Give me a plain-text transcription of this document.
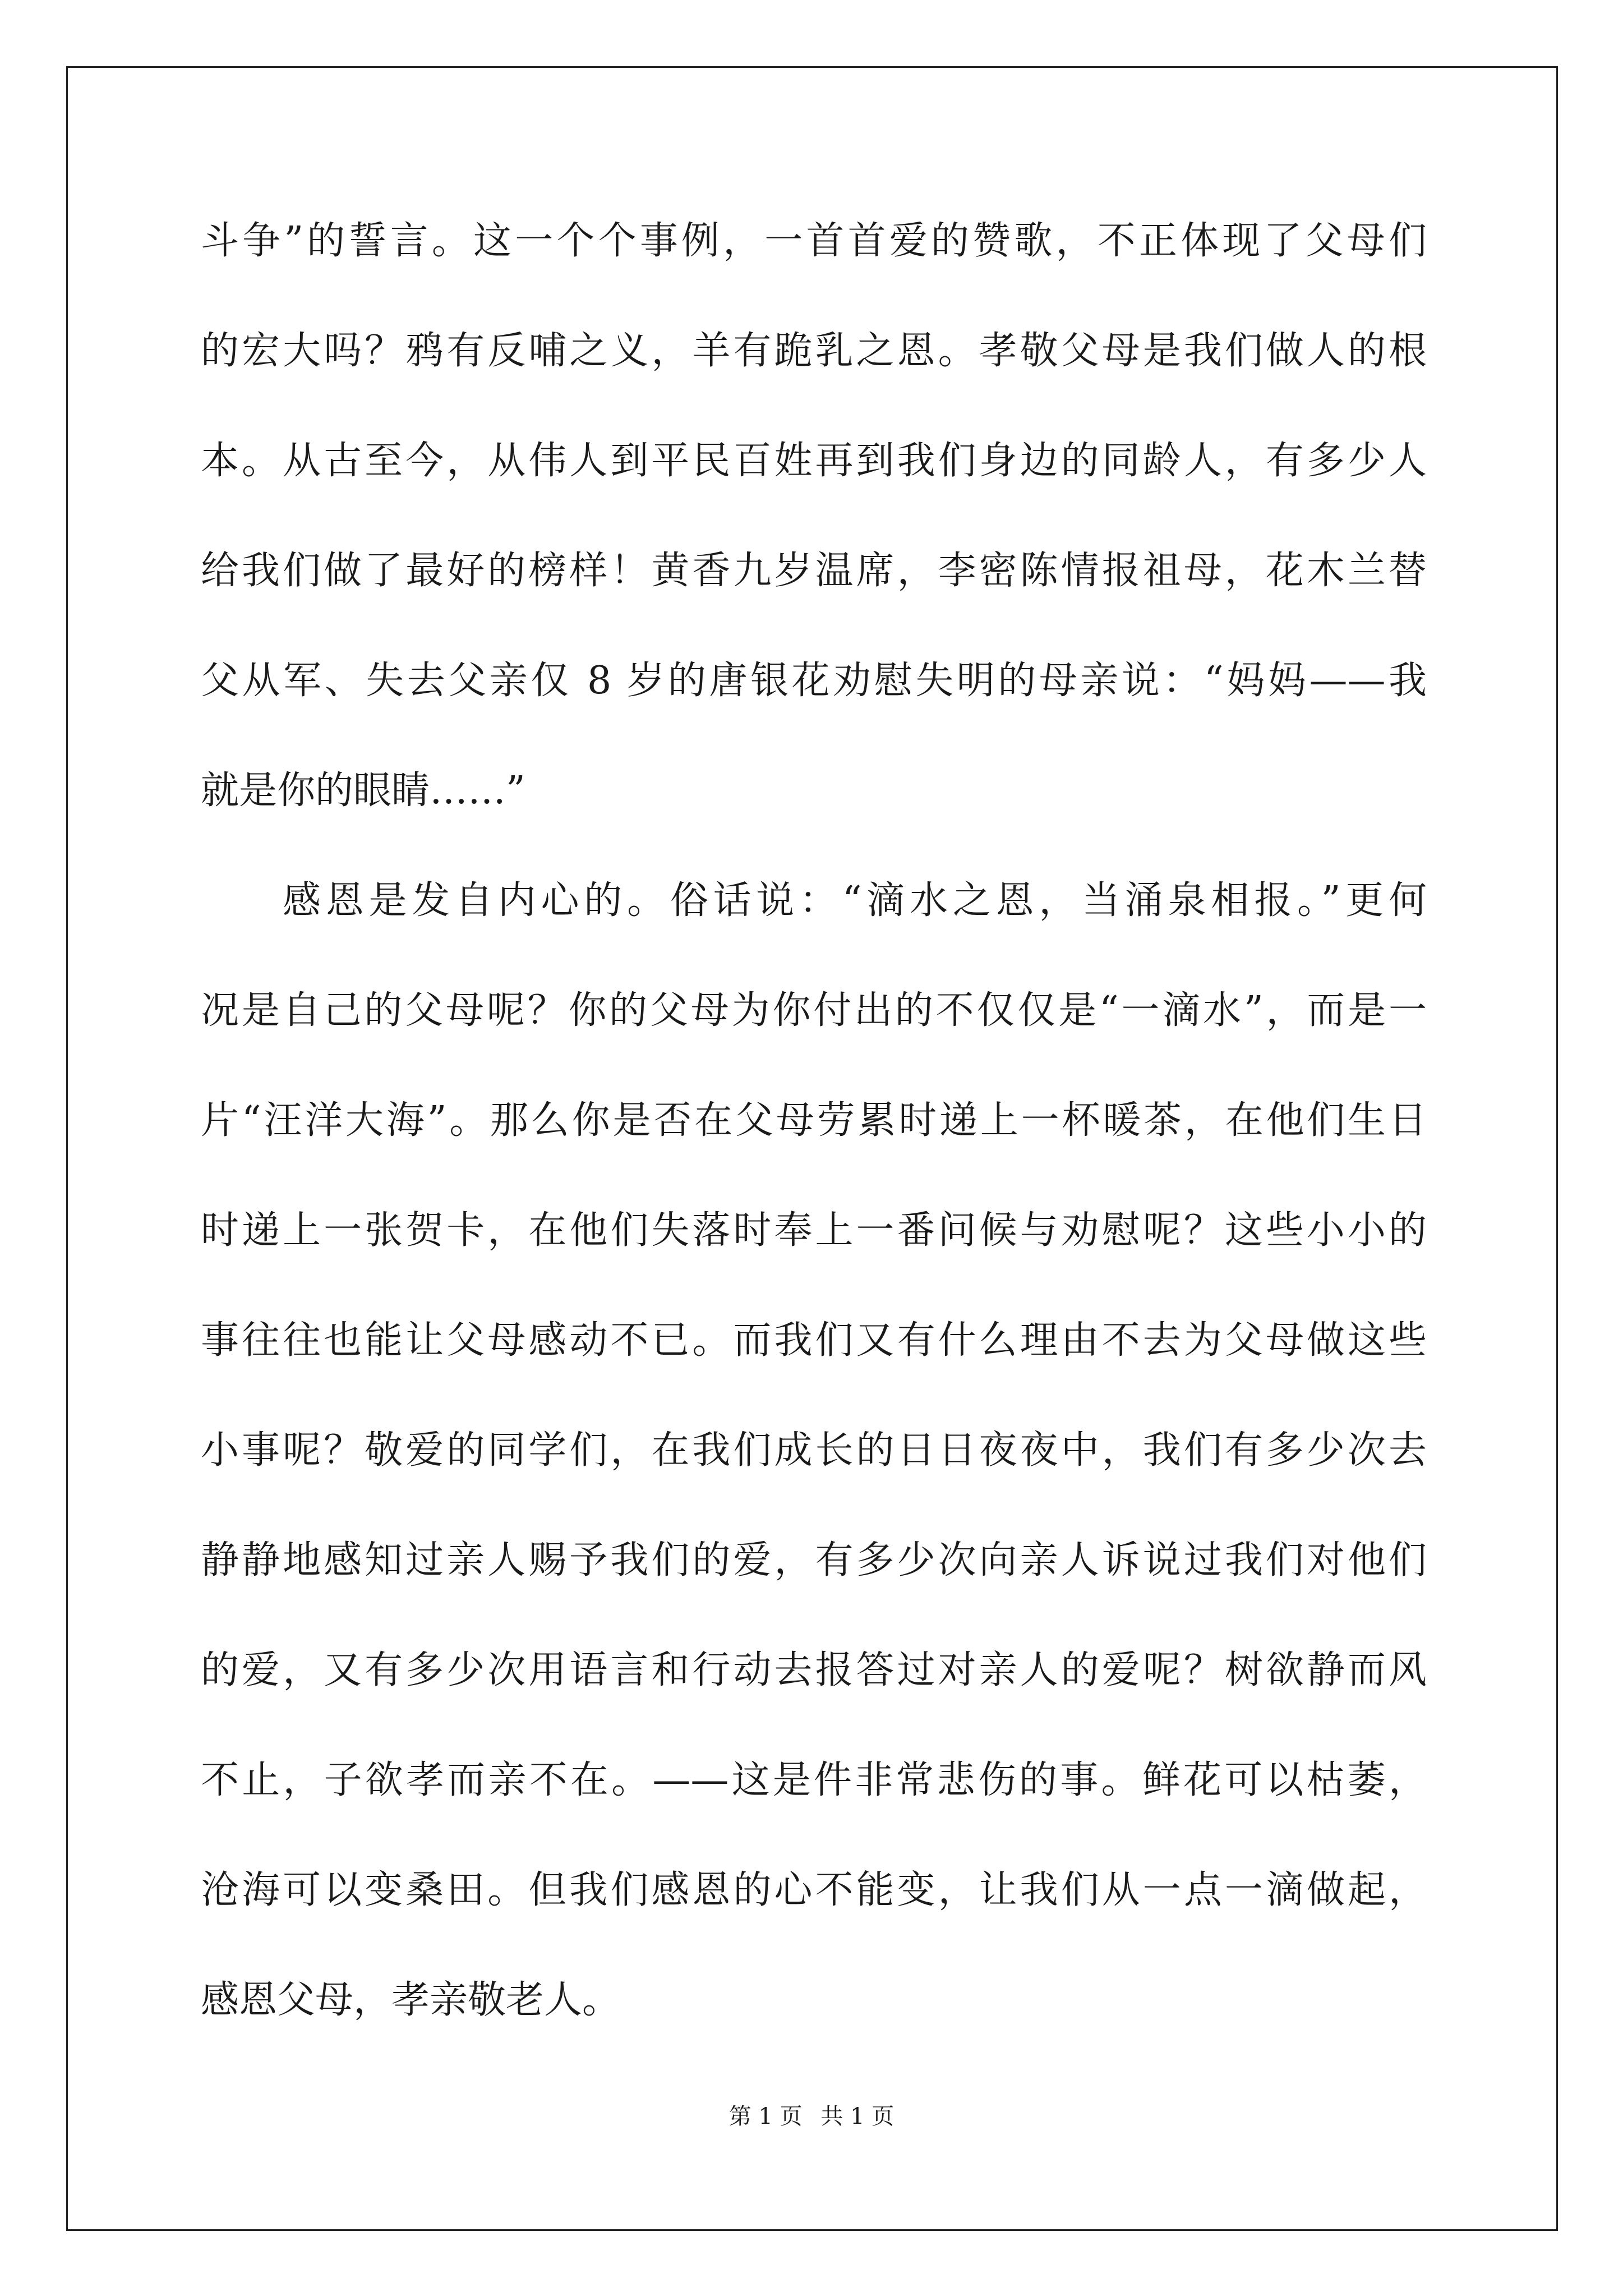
斗争”的誓言。这一个个事例，一首首爱的赞歌，不正体现了父母们
的宏大吗？鸦有反哺之义，羊有跪乳之恩。孝敬父母是我们做人的根
本。从古至今，从伟人到平民百姓再到我们身边的同龄人，有多少人
给我们做了最好的榜样！黄香九岁温席，李密陈情报祖母，花木兰替
父从军、失去父亲仅 8 岁的唐银花劝慰失明的母亲说：“妈妈——我
就是你的眼睛……”
感恩是发自内心的。俗话说：“滴水之恩，当涌泉相报。”更何
况是自己的父母呢？你的父母为你付出的不仅仅是“一滴水”，而是一
片“汪洋大海”。那么你是否在父母劳累时递上一杯暖茶，在他们生日
时递上一张贺卡，在他们失落时奉上一番问候与劝慰呢？这些小小的
事往往也能让父母感动不已。而我们又有什么理由不去为父母做这些
小事呢？敬爱的同学们，在我们成长的日日夜夜中，我们有多少次去
静静地感知过亲人赐予我们的爱，有多少次向亲人诉说过我们对他们
的爱，又有多少次用语言和行动去报答过对亲人的爱呢？树欲静而风
不止，子欲孝而亲不在。——这是件非常悲伤的事。鲜花可以枯萎，
沧海可以变桑田。但我们感恩的心不能变，让我们从一点一滴做起，
感恩父母，孝亲敬老人。
第 1 页 共 1 页
